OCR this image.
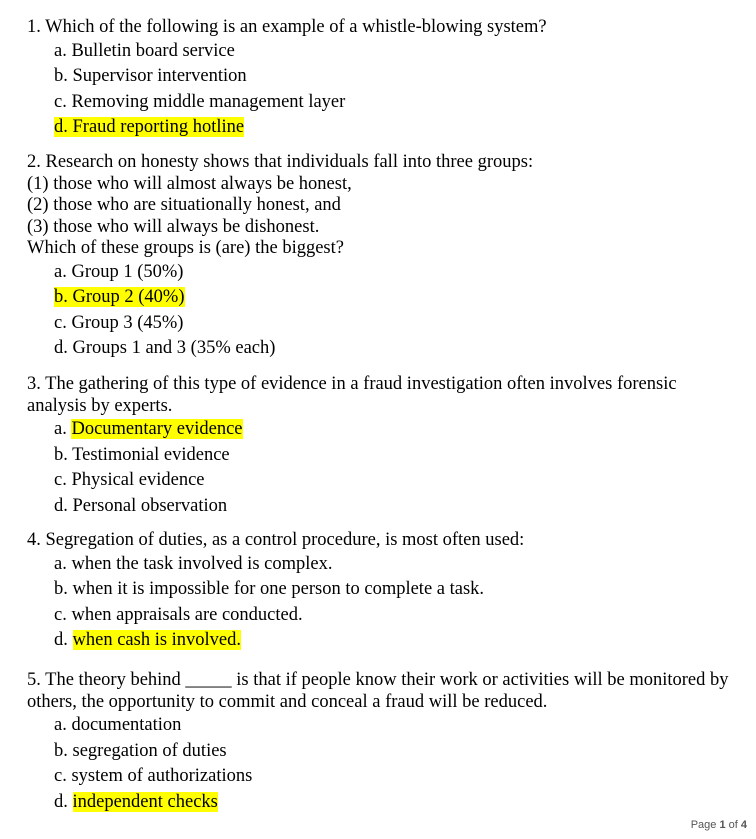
1. Which of the following is an example of a whistle-blowing system?
a. Bulletin board service
b. Supervisor intervention
c. Removing middle management layer
d. Fraud reporting hotline
2. Research on honesty shows that individuals fall into three groups:
(1) those who will almost always be honest,
(2) those who are situationally honest, and
(3) those who will always be dishonest.
Which of these groups is (are) the biggest?
a. Group 1 (50%)
b. Group 2 (40%)
c. Group 3 (45%)
d. Groups 1 and 3 (35% each)
3. The gathering of this type of evidence in a fraud investigation often involves forensic
analysis by experts.
a. Documentary evidence
b. Testimonial evidence
c. Physical evidence
d. Personal observation
4. Segregation of duties, as a control procedure, is most often used:
a. when the task involved is complex.
b. when it is impossible for one person to complete a task.
c. when appraisals are conducted.
d. when cash is involved.
5. The theory behind _____ is that if people know their work or activities will be monitored by
others, the opportunity to commit and conceal a fraud will be reduced.
a. documentation
b. segregation of duties
c. system of authorizations
d. independent checks
Page 1 of 4
